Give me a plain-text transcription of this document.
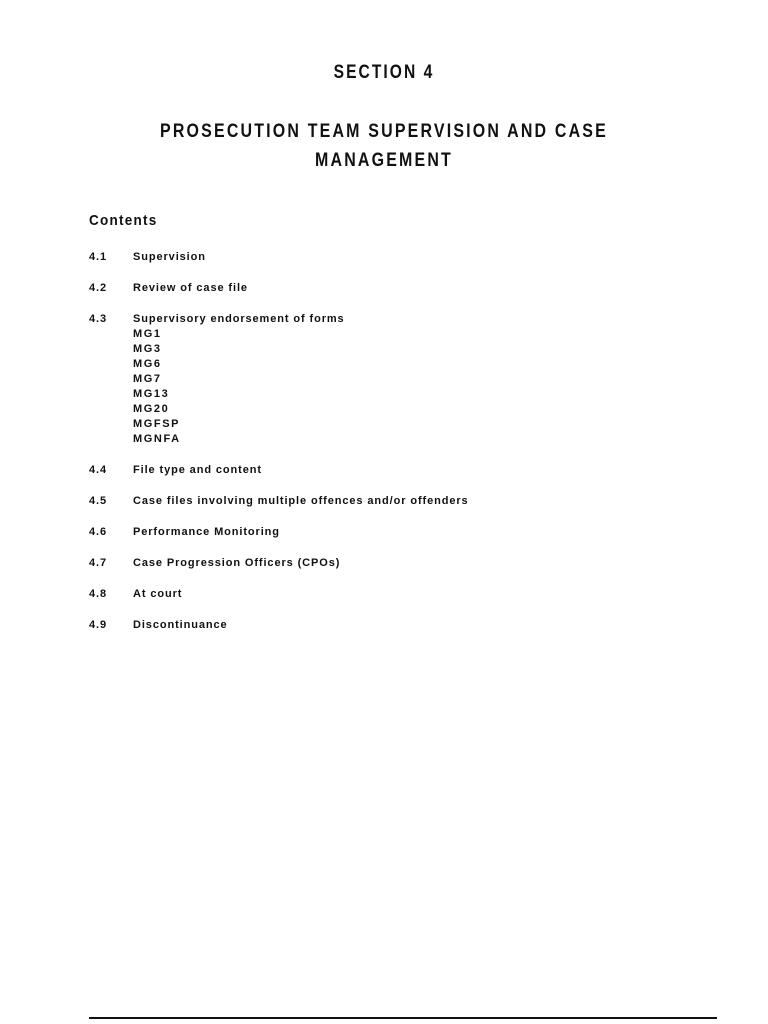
SECTION 4
PROSECUTION TEAM SUPERVISION AND CASE MANAGEMENT
Contents
4.1	Supervision
4.2	Review of case file
4.3	Supervisory endorsement of forms
MG1
MG3
MG6
MG7
MG13
MG20
MGFSP
MGNFA
4.4	File type and content
4.5	Case files involving multiple offences and/or offenders
4.6	Performance Monitoring
4.7	Case Progression Officers (CPOs)
4.8	At court
4.9	Discontinuance
